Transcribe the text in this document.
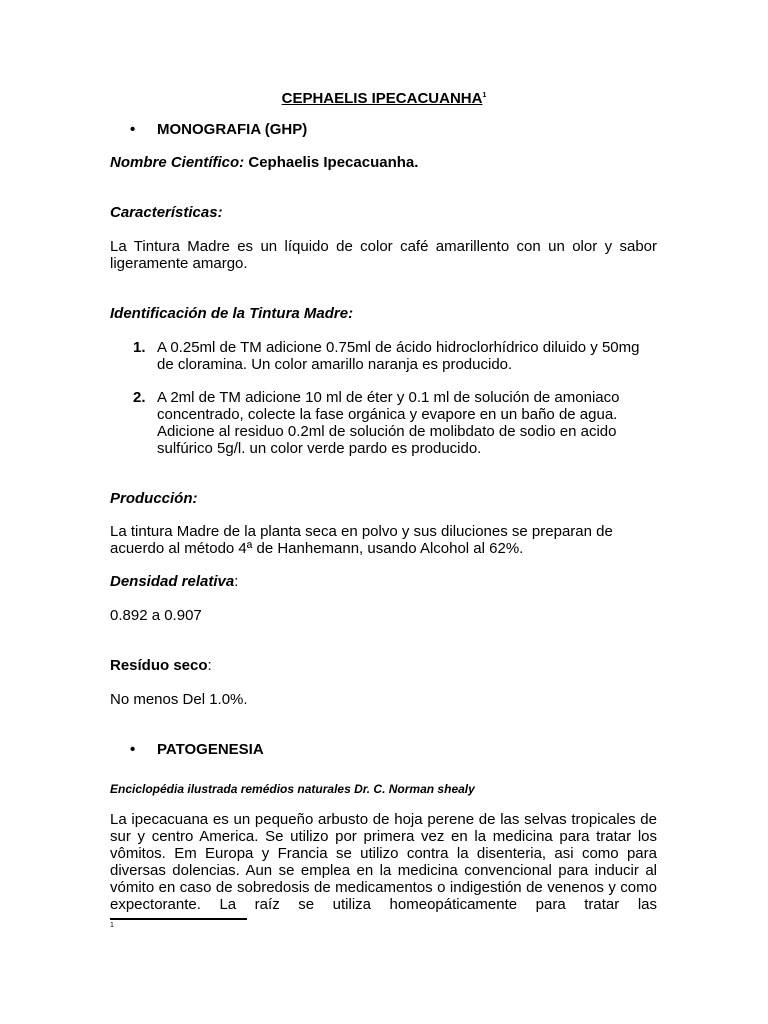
CEPHAELIS IPECACUANHA$^1$

• MONOGRAFIA (GHP)

Nombre Científico: Cephaelis Ipecacuanha.

Características:

La Tintura Madre es un líquido de color café amarillento con un olor y sabor ligeramente amargo.

Identificación de la Tintura Madre:

1. A 0.25ml de TM adicione 0.75ml de ácido hidroclorhídrico diluido y 50mg de cloramina. Un color amarillo naranja es producido.

2. A 2ml de TM adicione 10 ml de éter y 0.1 ml de solución de amoniaco concentrado, colecte la fase orgánica y evapore en un baño de agua. Adicione al residuo 0.2ml de solución de molibdato de sodio en acido sulfúrico 5g/l. un color verde pardo es producido.

Producción:

La tintura Madre de la planta seca en polvo y sus diluciones se preparan de acuerdo al método 4ª de Hanhemann, usando Alcohol al 62%.

Densidad relativa:

0.892 a 0.907

Resíduo seco:

No menos Del 1.0%.

• PATOGENESIA

Enciclopédia ilustrada remédios naturales Dr. C. Norman shealy

La ipecacuana es un pequeño arbusto de hoja perene de las selvas tropicales de sur y centro America. Se utilizo por primera vez en la medicina para tratar los vômitos. Em Europa y Francia se utilizo contra la disenteria, asi como para diversas dolencias. Aun se emplea en la medicina convencional para inducir al vómito en caso de sobredosis de medicamentos o indigestión de venenos y como expectorante. La raíz se utiliza homeopáticamente para tratar las

1
